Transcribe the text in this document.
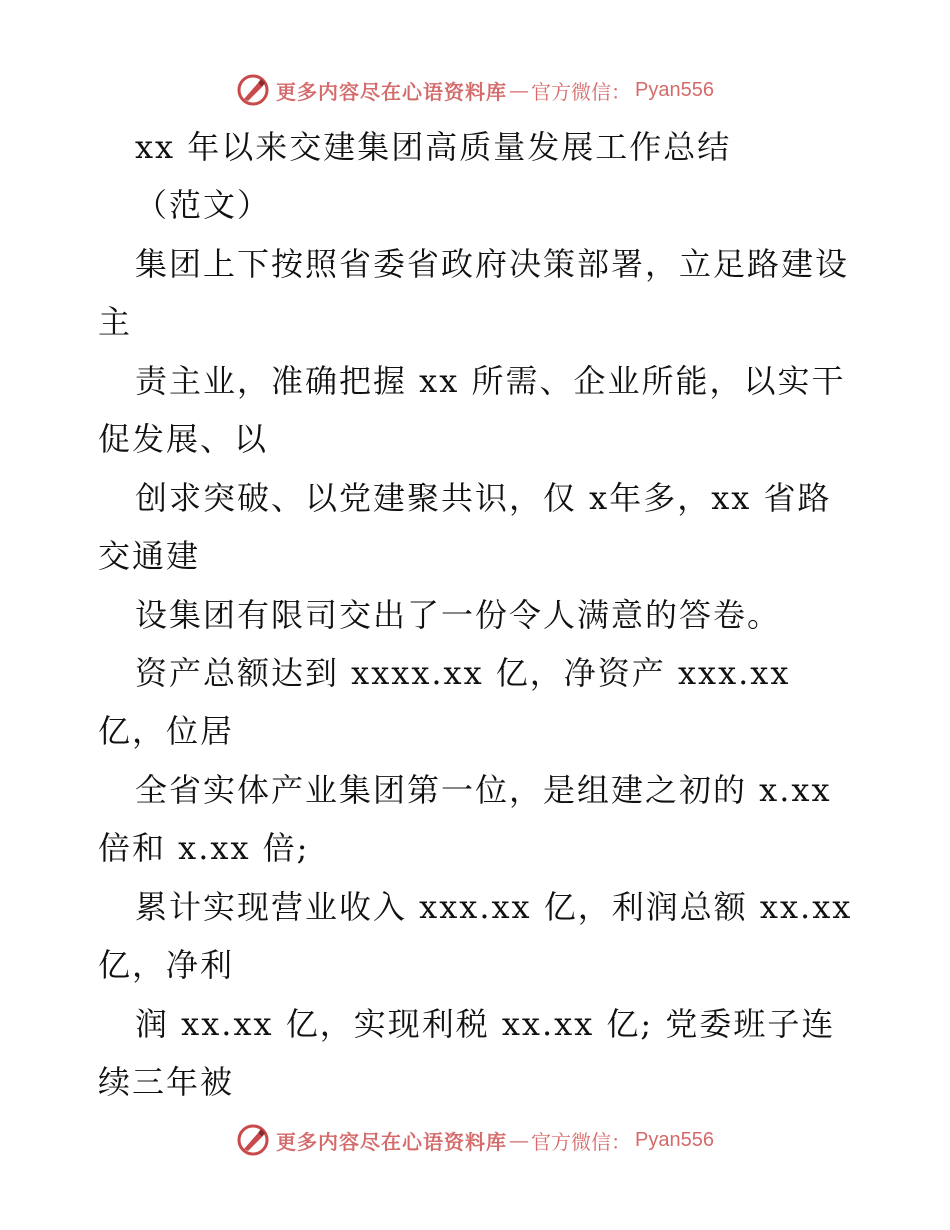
更多内容尽在心语资料库 — 官方微信： Pyan556
xx 年以来交建集团高质量发展工作总结
（范文）
集团上下按照省委省政府决策部署，立足路建设
主
责主业，准确把握 xx 所需、企业所能，以实干
促发展、以
创求突破、以党建聚共识，仅 x年多，xx 省路
交通建
设集团有限司交出了一份令人满意的答卷。
资产总额达到 xxxx.xx 亿，净资产 xxx.xx
亿，位居
全省实体产业集团第一位，是组建之初的 x.xx
倍和 x.xx 倍;
累计实现营业收入 xxx.xx 亿，利润总额 xx.xx
亿，净利
润 xx.xx 亿，实现利税 xx.xx 亿; 党委班子连
续三年被
更多内容尽在心语资料库 — 官方微信： Pyan556
